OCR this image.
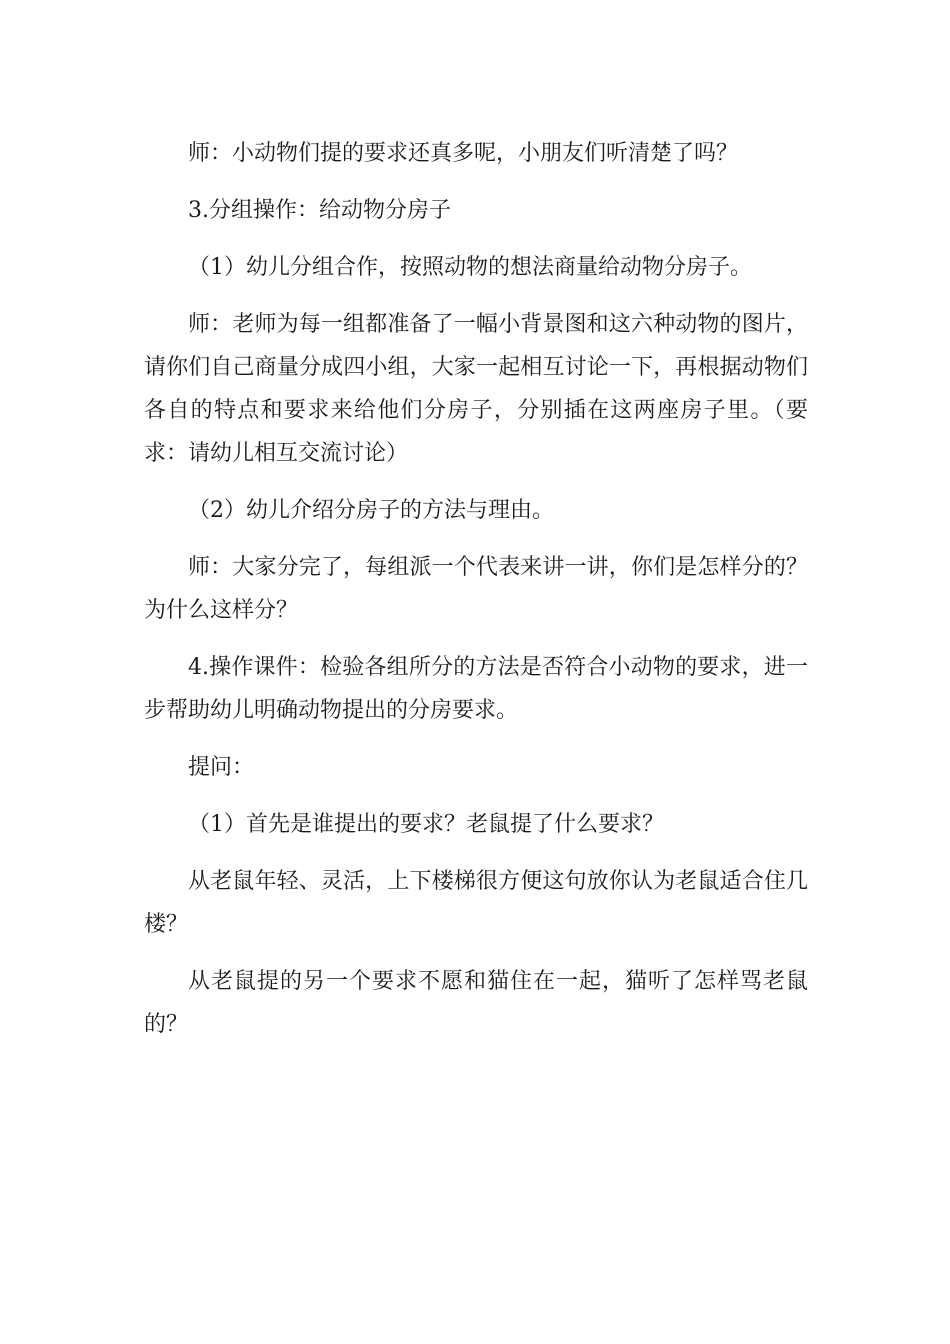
师：小动物们提的要求还真多呢，小朋友们听清楚了吗？

3.分组操作：给动物分房子

（1）幼儿分组合作，按照动物的想法商量给动物分房子。

师：老师为每一组都准备了一幅小背景图和这六种动物的图片，请你们自己商量分成四小组，大家一起相互讨论一下，再根据动物们各自的特点和要求来给他们分房子，分别插在这两座房子里。（要求：请幼儿相互交流讨论）

（2）幼儿介绍分房子的方法与理由。

师：大家分完了，每组派一个代表来讲一讲，你们是怎样分的？为什么这样分？

4.操作课件：检验各组所分的方法是否符合小动物的要求，进一步帮助幼儿明确动物提出的分房要求。

提问：

（1）首先是谁提出的要求？老鼠提了什么要求？

从老鼠年轻、灵活，上下楼梯很方便这句放你认为老鼠适合住几楼？

从老鼠提的另一个要求不愿和猫住在一起，猫听了怎样骂老鼠的？
